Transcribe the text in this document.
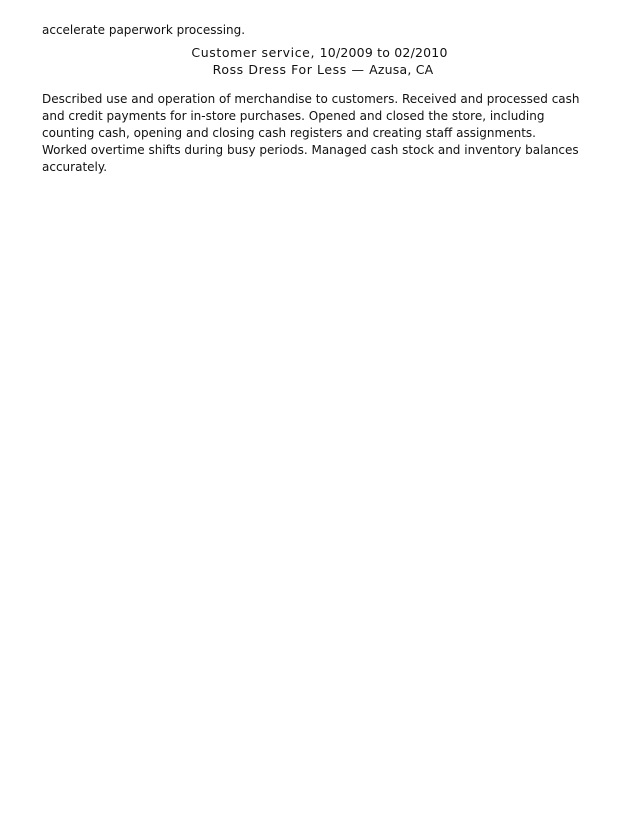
accelerate paperwork processing.
Customer service, 10/2009 to 02/2010
Ross Dress For Less — Azusa, CA

Described use and operation of merchandise to customers. Received and processed cash and credit payments for in-store purchases. Opened and closed the store, including counting cash, opening and closing cash registers and creating staff assignments.

Worked overtime shifts during busy periods. Managed cash stock and inventory balances accurately.
